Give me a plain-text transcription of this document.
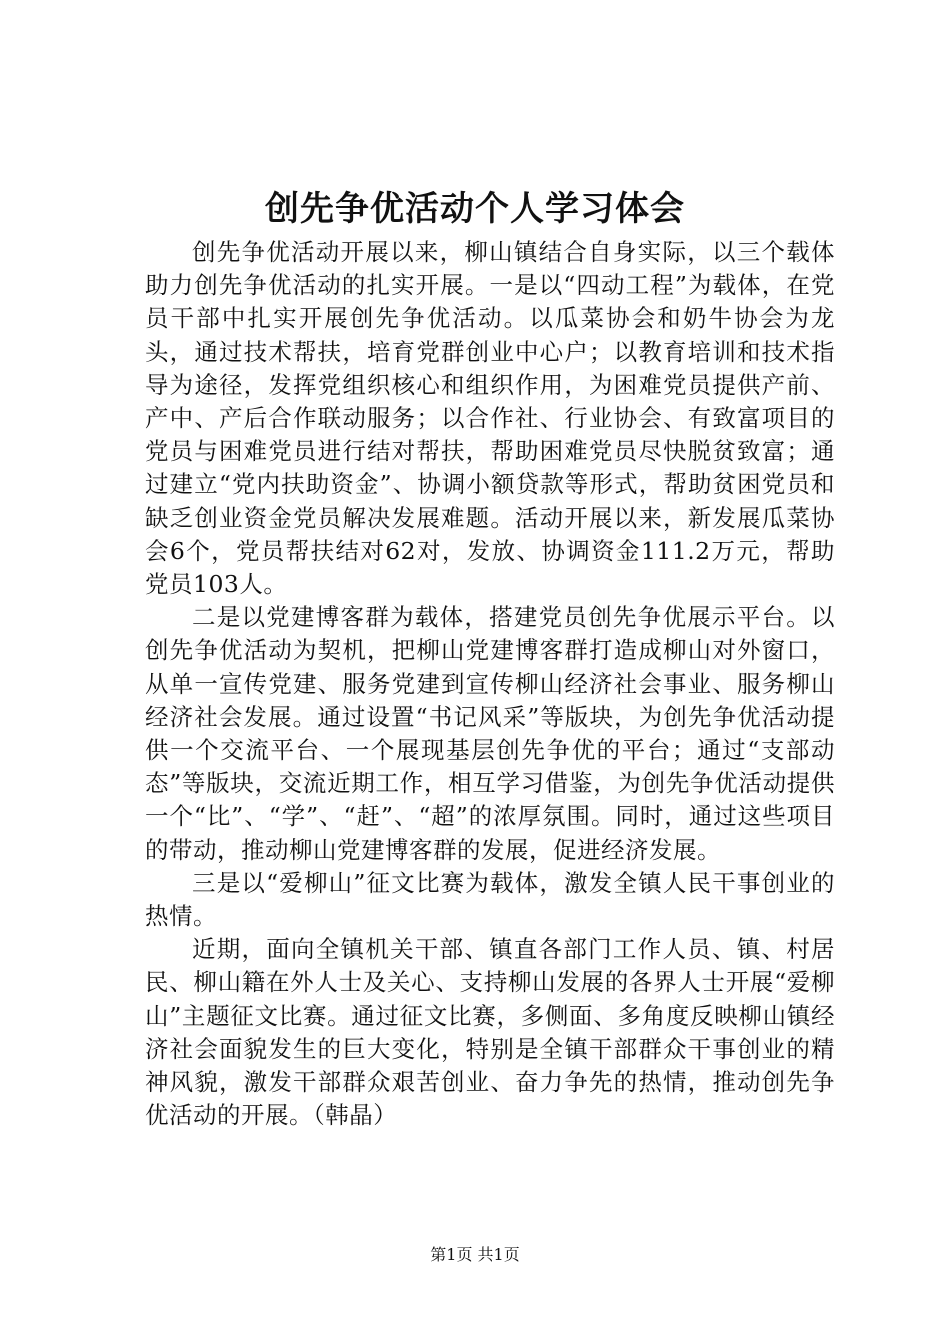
创先争优活动个人学习体会

创先争优活动开展以来，柳山镇结合自身实际，以三个载体助力创先争优活动的扎实开展。一是以“四动工程”为载体，在党员干部中扎实开展创先争优活动。以瓜菜协会和奶牛协会为龙头，通过技术帮扶，培育党群创业中心户；以教育培训和技术指导为途径，发挥党组织核心和组织作用，为困难党员提供产前、产中、产后合作联动服务；以合作社、行业协会、有致富项目的党员与困难党员进行结对帮扶，帮助困难党员尽快脱贫致富；通过建立“党内扶助资金”、协调小额贷款等形式，帮助贫困党员和缺乏创业资金党员解决发展难题。活动开展以来，新发展瓜菜协会6个，党员帮扶结对62对，发放、协调资金111.2万元，帮助党员103人。

二是以党建博客群为载体，搭建党员创先争优展示平台。以创先争优活动为契机，把柳山党建博客群打造成柳山对外窗口，从单一宣传党建、服务党建到宣传柳山经济社会事业、服务柳山经济社会发展。通过设置“书记风采”等版块，为创先争优活动提供一个交流平台、一个展现基层创先争优的平台；通过“支部动态”等版块，交流近期工作，相互学习借鉴，为创先争优活动提供一个“比”、“学”、“赶”、“超”的浓厚氛围。同时，通过这些项目的带动，推动柳山党建博客群的发展，促进经济发展。

三是以“爱柳山”征文比赛为载体，激发全镇人民干事创业的热情。

近期，面向全镇机关干部、镇直各部门工作人员、镇、村居民、柳山籍在外人士及关心、支持柳山发展的各界人士开展“爱柳山”主题征文比赛。通过征文比赛，多侧面、多角度反映柳山镇经济社会面貌发生的巨大变化，特别是全镇干部群众干事创业的精神风貌，激发干部群众艰苦创业、奋力争先的热情，推动创先争优活动的开展。（韩晶）

第1页 共1页
